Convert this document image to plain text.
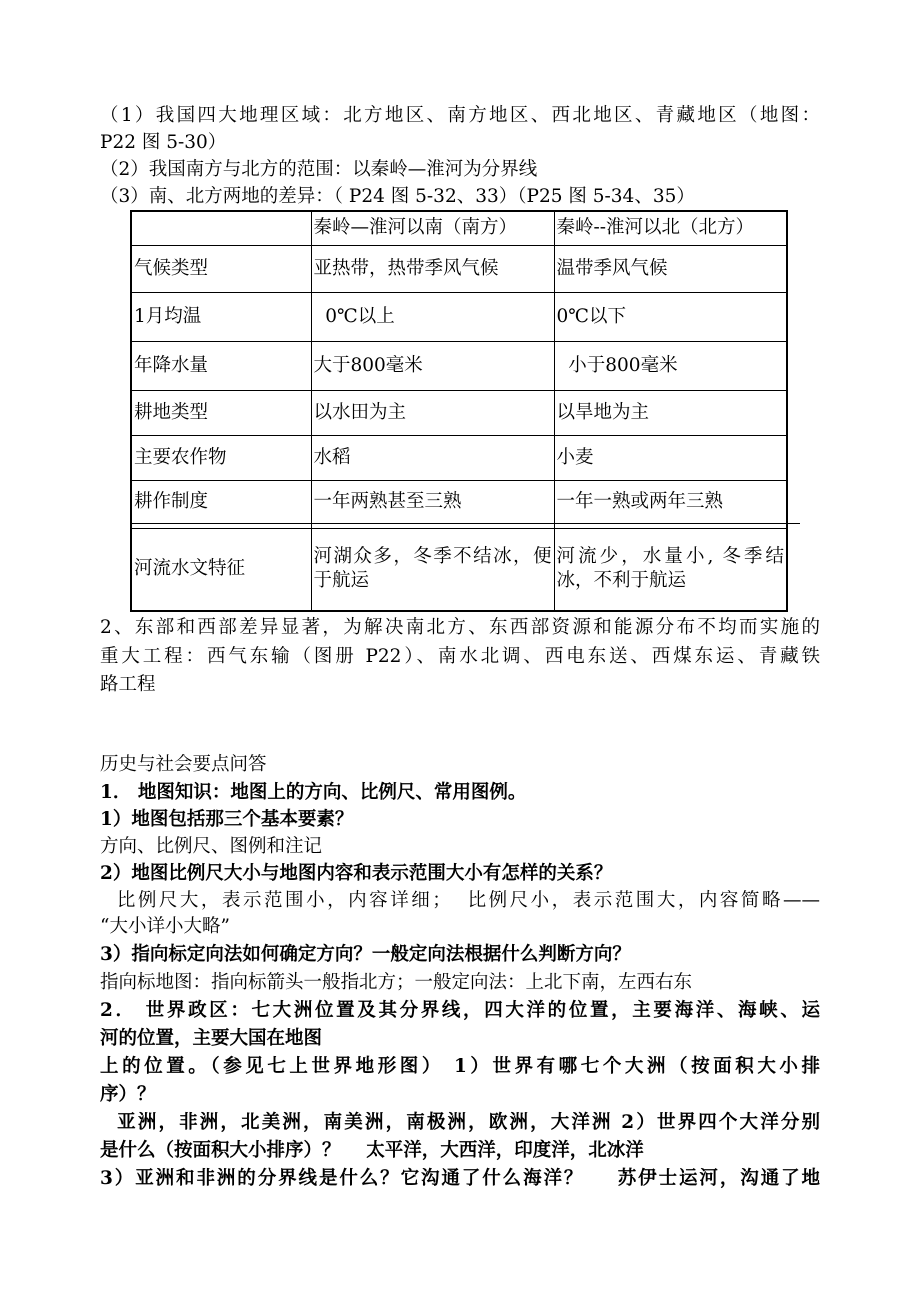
（1）我国四大地理区域：北方地区、南方地区、西北地区、青藏地区（地图：
P22 图 5-30）
（2）我国南方与北方的范围：以秦岭—淮河为分界线
（3）南、北方两地的差异：（ P24 图 5-32、33）（P25 图 5-34、35）
	秦岭—淮河以南（南方）	秦岭--淮河以北（北方）
气候类型	亚热带，热带季风气候	温带季风气候
1月均温	0℃以上	0℃以下
年降水量	大于800毫米	小于800毫米
耕地类型	以水田为主	以旱地为主
主要农作物	水稻	小麦
耕作制度	一年两熟甚至三熟	一年一熟或两年三熟

河流水文特征	河湖众多，冬季不结冰，便于航运	河流少，水量小, 冬季结冰，不利于航运
2、东部和西部差异显著，为解决南北方、东西部资源和能源分布不均而实施的
重大工程：西气东输（图册 P22）、南水北调、西电东送、西煤东运、青藏铁
路工程
历史与社会要点问答
1． 地图知识：地图上的方向、比例尺、常用图例。
1）地图包括那三个基本要素？
方向、比例尺、图例和注记
2）地图比例尺大小与地图内容和表示范围大小有怎样的关系？
比例尺大，表示范围小，内容详细；  比例尺小，表示范围大，内容简略——
“大小详小大略”
3）指向标定向法如何确定方向？一般定向法根据什么判断方向？
指向标地图：指向标箭头一般指北方；一般定向法：上北下南，左西右东
2． 世界政区：七大洲位置及其分界线，四大洋的位置，主要海洋、海峡、运
河的位置，主要大国在地图
上的位置。（参见七上世界地形图） 1）世界有哪七个大洲（按面积大小排
序）？
亚洲，非洲，北美洲，南美洲，南极洲，欧洲，大洋洲 2）世界四个大洋分别
是什么（按面积大小排序）？    太平洋，大西洋，印度洋，北冰洋
3）亚洲和非洲的分界线是什么？它沟通了什么海洋？    苏伊士运河，沟通了地
